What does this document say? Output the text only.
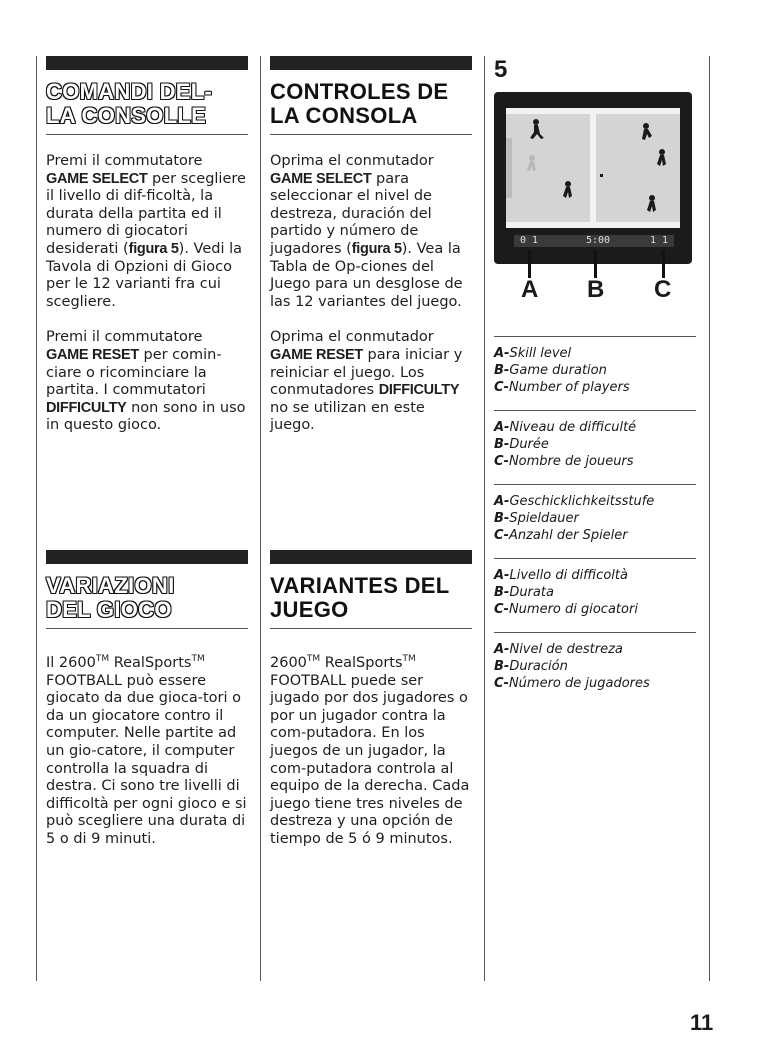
COMANDI DEL-
LA CONSOLLE

Premi il commutatore GAME SELECT per scegliere il livello di dif-ficoltà, la durata della partita ed il numero di giocatori desiderati (figura 5). Vedi la Tavola di Opzioni di Gioco per le 12 varianti fra cui scegliere.

Premi il commutatore GAME RESET per comin-ciare o ricominciare la partita. I commutatori DIFFICULTY non sono in uso in questo gioco.

VARIAZIONI
DEL GIOCO

Il 2600™ RealSports™ FOOTBALL può essere giocato da due gioca-tori o da un giocatore contro il computer. Nelle partite ad un gio-catore, il computer controlla la squadra di destra. Ci sono tre livelli di difficoltà per ogni gioco e si può scegliere una durata di 5 o di 9 minuti.

CONTROLES DE
LA CONSOLA

Oprima el conmutador GAME SELECT para seleccionar el nivel de destreza, duración del partido y número de jugadores (figura 5). Vea la Tabla de Op-ciones del Juego para un desglose de las 12 variantes del juego.

Oprima el conmutador GAME RESET para iniciar y reiniciar el juego. Los conmutadores DIFFICULTY no se utilizan en este juego.

VARIANTES DEL
JUEGO

2600™ RealSports™ FOOTBALL puede ser jugado por dos jugadores o por un jugador contra la com-putadora. En los juegos de un jugador, la com-putadora controla al equipo de la derecha. Cada juego tiene tres niveles de destreza y una opción de tiempo de 5 ó 9 minutos.

5
0 1	5:00	1 1
A B C

A-Skill level

B-Game duration

C-Number of players

A-Niveau de difficulté

B-Durée

C-Nombre de joueurs

A-Geschicklichkeitsstufe

B-Spieldauer

C-Anzahl der Spieler

A-Livello di difficoltà

B-Durata

C-Numero di giocatori

A-Nivel de destreza

B-Duración

C-Número de jugadores

11
